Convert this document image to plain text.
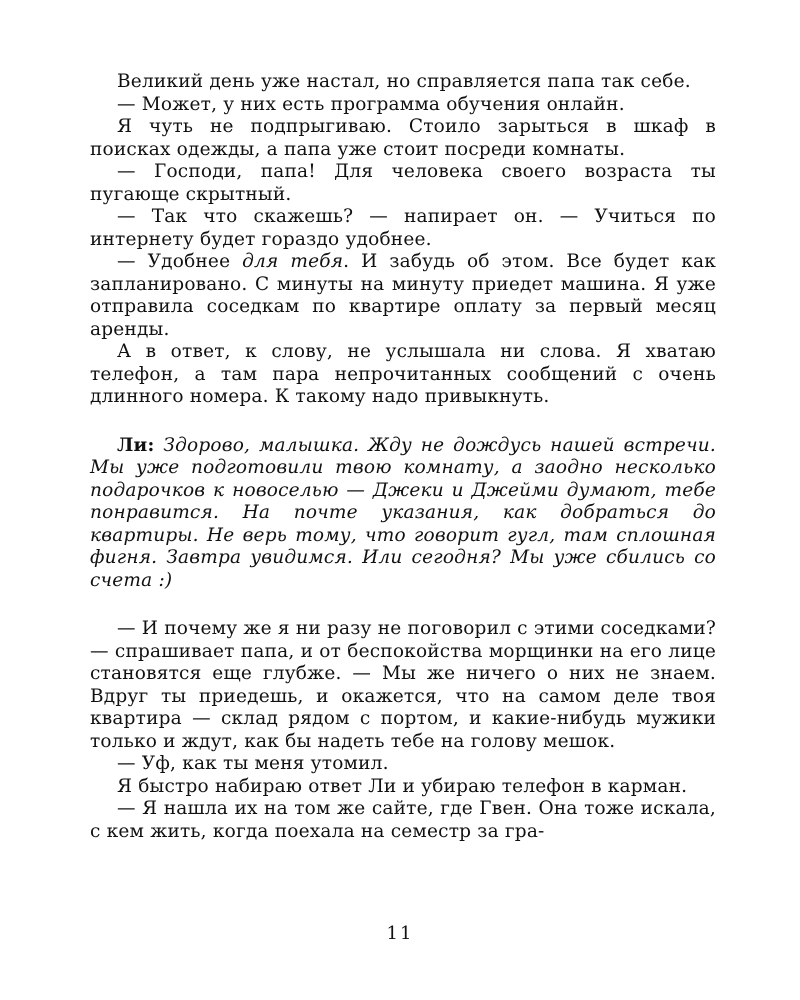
Великий день уже настал, но справляется папа так себе.

— Может, у них есть программа обучения онлайн.

Я чуть не подпрыгиваю. Стоило зарыться в шкаф в поисках одежды, а папа уже стоит посреди комнаты.

— Господи, папа! Для человека своего возраста ты пугающе скрытный.

— Так что скажешь? — напирает он. — Учиться по интернету будет гораздо удобнее.

— Удобнее для тебя. И забудь об этом. Все будет как запланировано. С минуты на минуту приедет машина. Я уже отправила соседкам по квартире оплату за первый месяц аренды.

А в ответ, к слову, не услышала ни слова. Я хватаю телефон, а там пара непрочитанных сообщений с очень длинного номера. К такому надо привыкнуть.

Ли: Здорово, малышка. Жду не дождусь нашей встречи. Мы уже подготовили твою комнату, а заодно несколько подарочков к новоселью — Джеки и Джейми думают, тебе понравится. На почте указания, как добраться до квартиры. Не верь тому, что говорит гугл, там сплошная фигня. Завтра увидимся. Или сегодня? Мы уже сбились со счета :)

— И почему же я ни разу не поговорил с этими соседками? — спрашивает папа, и от беспокойства морщинки на его лице становятся еще глубже. — Мы же ничего о них не знаем. Вдруг ты приедешь, и окажется, что на самом деле твоя квартира — склад рядом с портом, и какие-нибудь мужики только и ждут, как бы надеть тебе на голову мешок.

— Уф, как ты меня утомил.

Я быстро набираю ответ Ли и убираю телефон в карман.

— Я нашла их на том же сайте, где Гвен. Она тоже искала, с кем жить, когда поехала на семестр за гра-

11
